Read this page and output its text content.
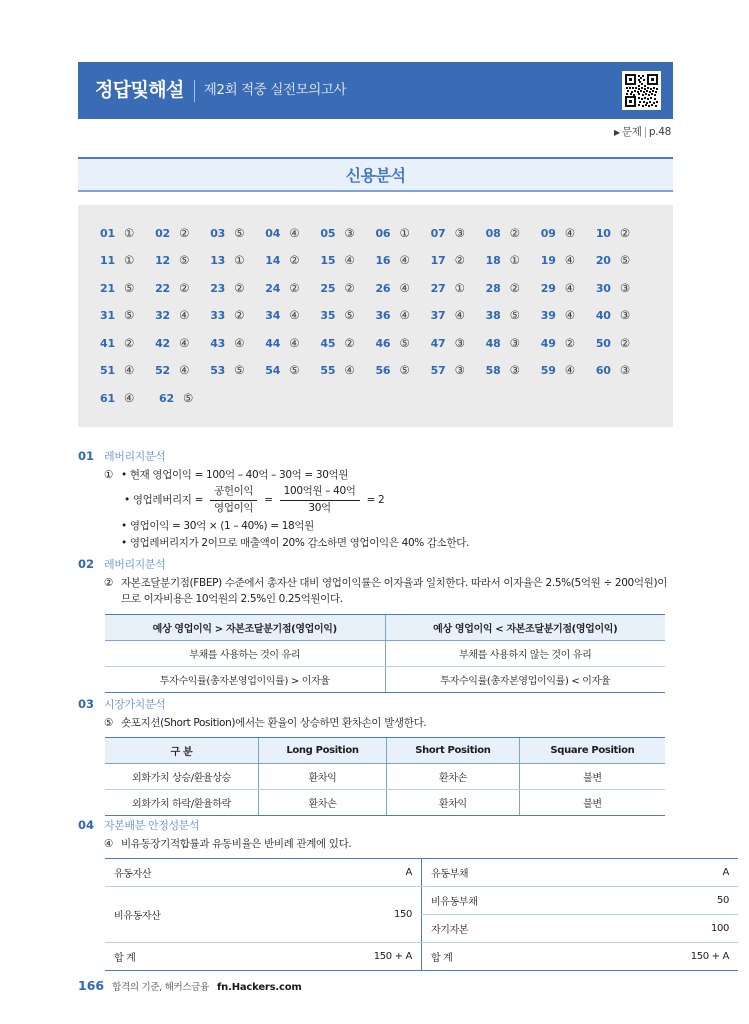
정답및해설 제2회 적중 실전모의고사
▶ 문제 | p.48
신용분석
01 ① 02 ② 03 ⑤ 04 ④ 05 ③ 06 ① 07 ③ 08 ② 09 ④ 10 ②
11 ① 12 ⑤ 13 ① 14 ② 15 ④ 16 ④ 17 ② 18 ① 19 ④ 20 ⑤
21 ⑤ 22 ② 23 ② 24 ② 25 ② 26 ④ 27 ① 28 ② 29 ④ 30 ③
31 ⑤ 32 ④ 33 ② 34 ④ 35 ⑤ 36 ④ 37 ④ 38 ⑤ 39 ④ 40 ③
41 ② 42 ④ 43 ④ 44 ④ 45 ② 46 ⑤ 47 ③ 48 ③ 49 ② 50 ②
51 ④ 52 ④ 53 ⑤ 54 ⑤ 55 ④ 56 ⑤ 57 ③ 58 ③ 59 ④ 60 ③
61 ④ 62 ⑤
01 레버리지분석
① • 현재 영업이익 = 100억 – 40억 – 30억 = 30억원
• 영업레버리지 = $\frac{\text{공헌이익}}{\text{영업이익}} = \frac{\text{100억원 – 40억}}{\text{30억}} = 2$
• 영업이익 = 30억 × (1 – 40%) = 18억원
• 영업레버리지가 2이므로 매출액이 20% 감소하면 영업이익은 40% 감소한다.
02 레버리지분석
② 자본조달분기점(FBEP) 수준에서 총자산 대비 영업이익률은 이자율과 일치한다. 따라서 이자율은 2.5%(5억원 ÷ 200억원)이므로 이자비용은 10억원의 2.5%인 0.25억원이다.
예상 영업이익 > 자본조달분기점(영업이익)	예상 영업이익 < 자본조달분기점(영업이익)
부채를 사용하는 것이 유리	부채를 사용하지 않는 것이 유리
투자수익률(총자본영업이익률) > 이자율	투자수익률(총자본영업이익률) < 이자율
03 시장가치분석
⑤ 숏포지션(Short Position)에서는 환율이 상승하면 환차손이 발생한다.
구 분	Long Position	Short Position	Square Position
외화가치 상승/환율상승	환차익	환차손	불변
외화가치 하락/환율하락	환차손	환차익	불변
04 자본배분 안정성분석
④ 비유동장기적합률과 유동비율은 반비례 관계에 있다.
유동자산	A	유동부채	A
비유동자산	150	비유동부채	50
		자기자본	100
합 계	150 + A	합 계	150 + A
166 합격의 기준, 해커스금융 fn.Hackers.com
